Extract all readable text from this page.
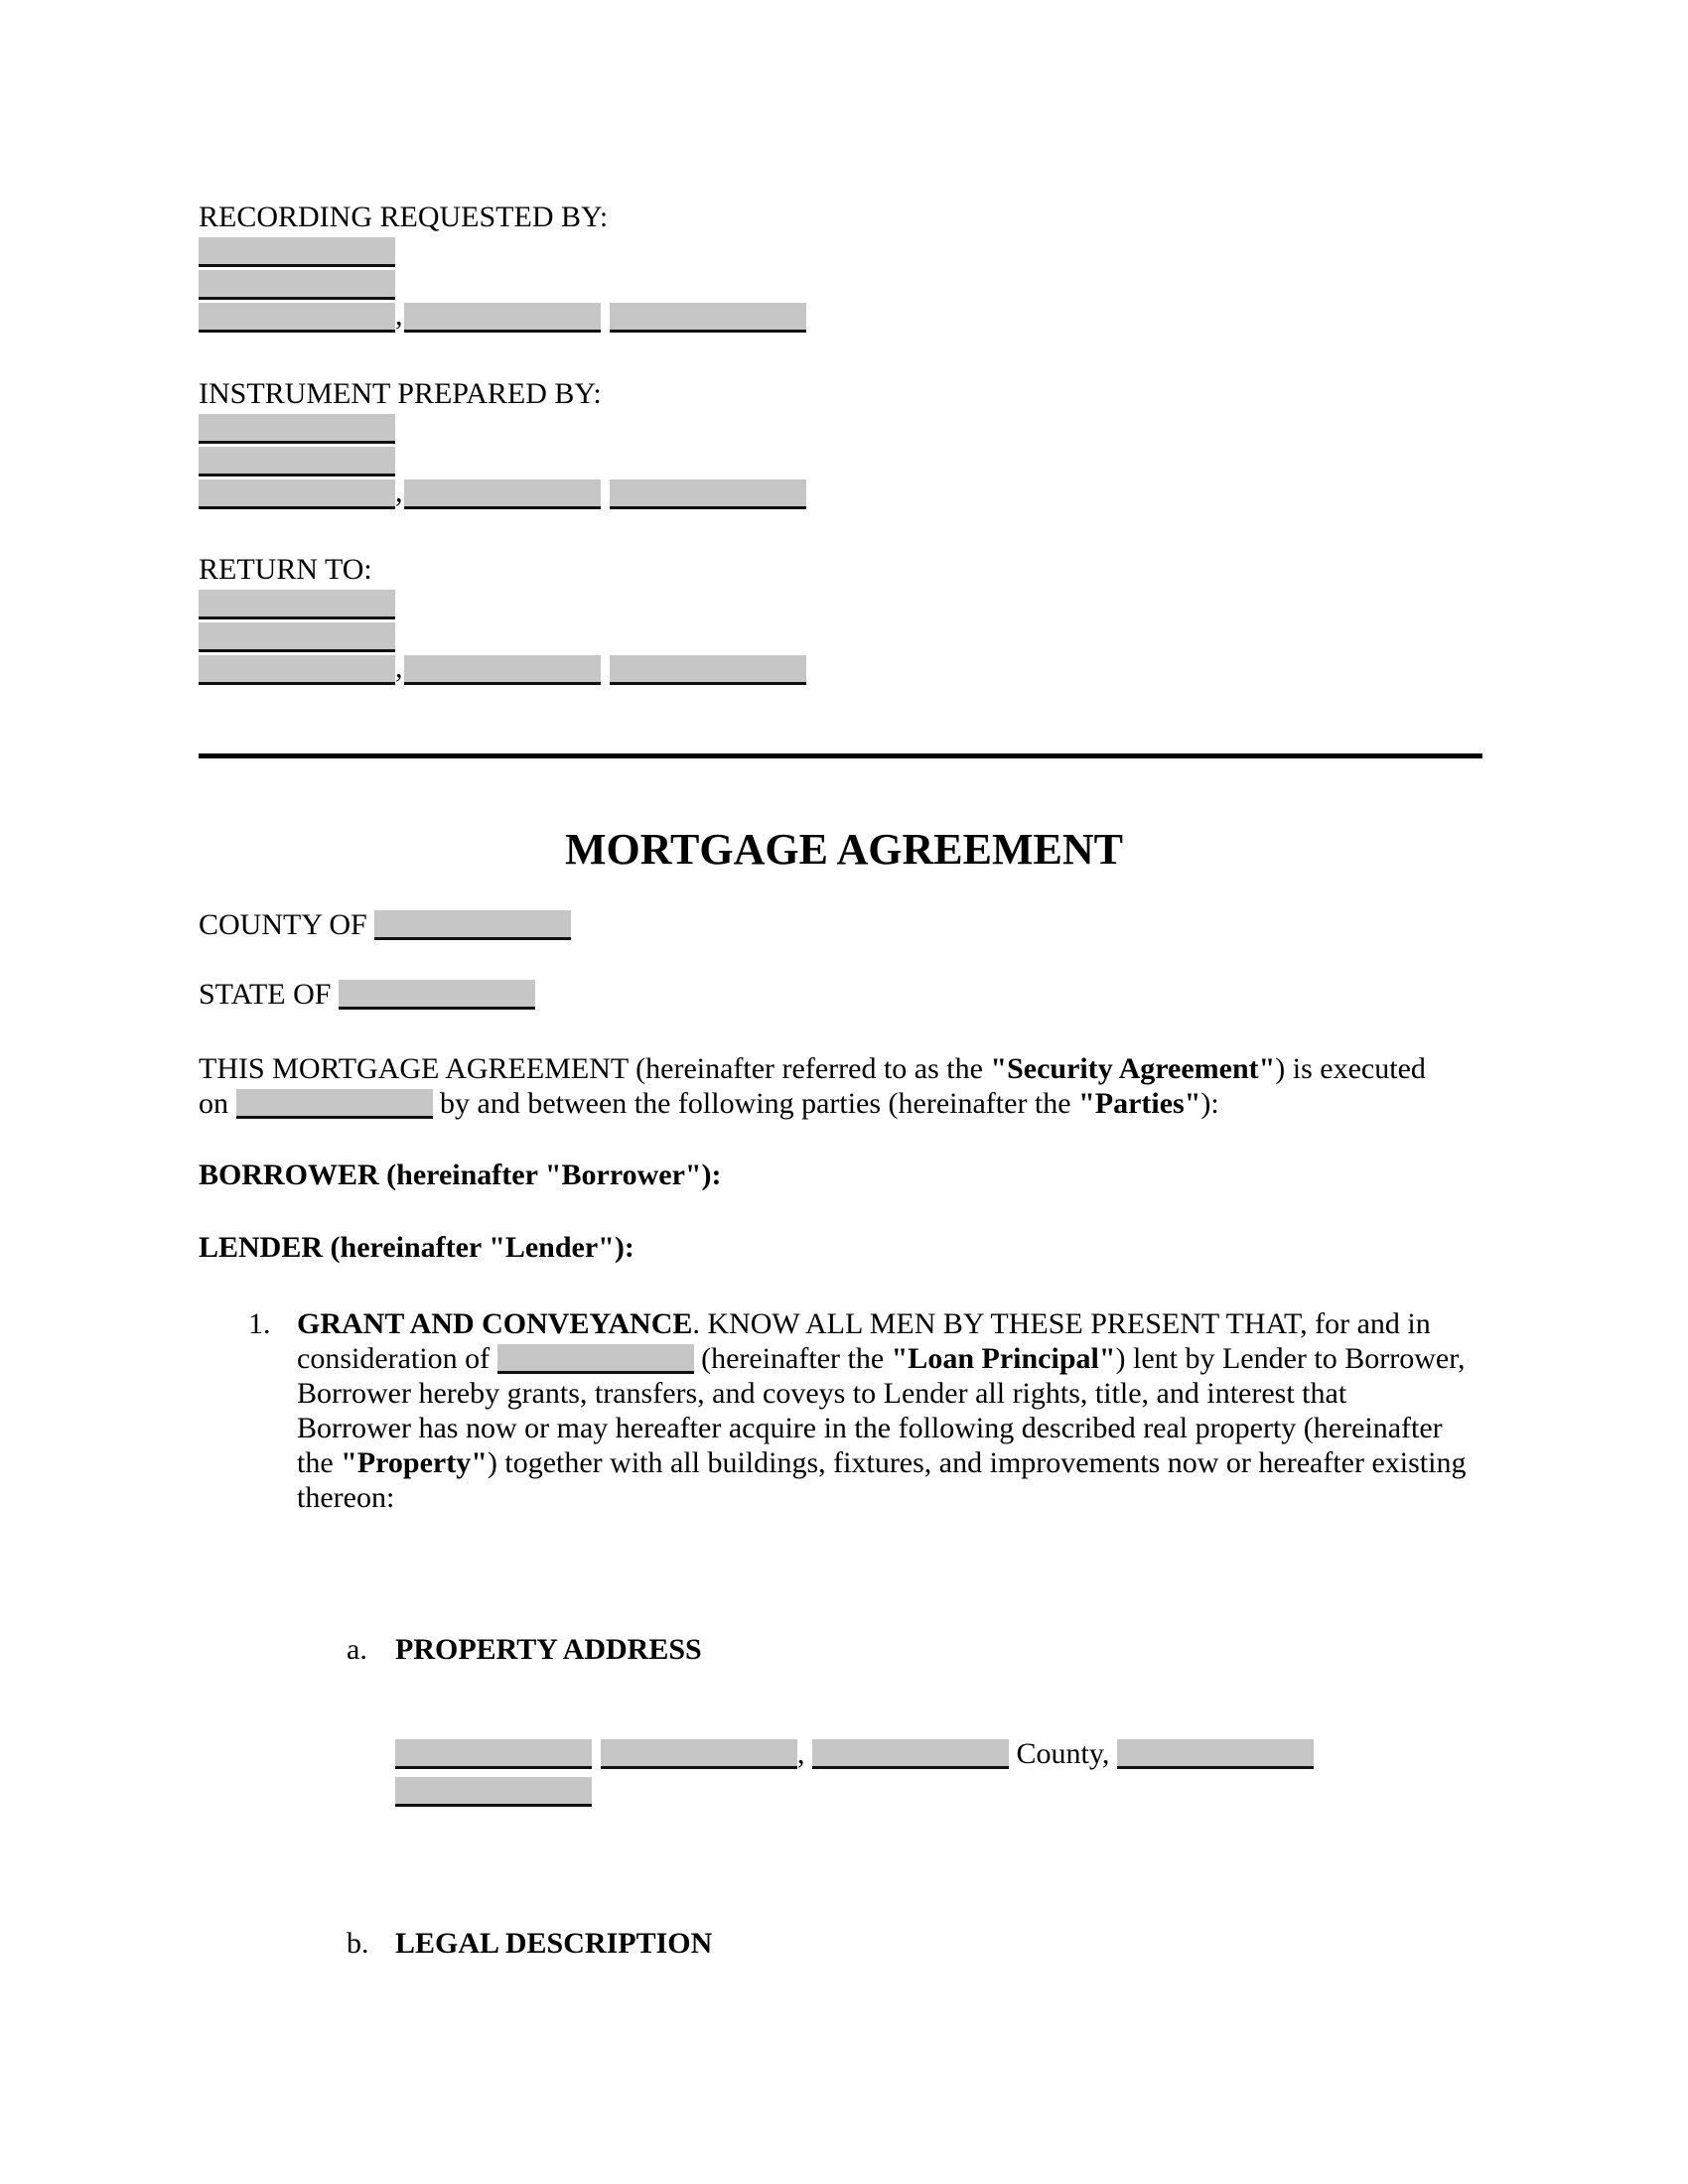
RECORDING REQUESTED BY:
,
INSTRUMENT PREPARED BY:
,
RETURN TO:
,
MORTGAGE AGREEMENT
COUNTY OF
STATE OF
THIS MORTGAGE AGREEMENT (hereinafter referred to as the "Security Agreement") is executed
on	by and between the following parties (hereinafter the "Parties"):
BORROWER (hereinafter "Borrower"):
LENDER (hereinafter "Lender"):
1. GRANT AND CONVEYANCE. KNOW ALL MEN BY THESE PRESENT THAT, for and in
consideration of	(hereinafter the "Loan Principal") lent by Lender to Borrower,
Borrower hereby grants, transfers, and coveys to Lender all rights, title, and interest that
Borrower has now or may hereafter acquire in the following described real property (hereinafter
the "Property") together with all buildings, fixtures, and improvements now or hereafter existing
thereon:
a. PROPERTY ADDRESS
,	County,
b. LEGAL DESCRIPTION
